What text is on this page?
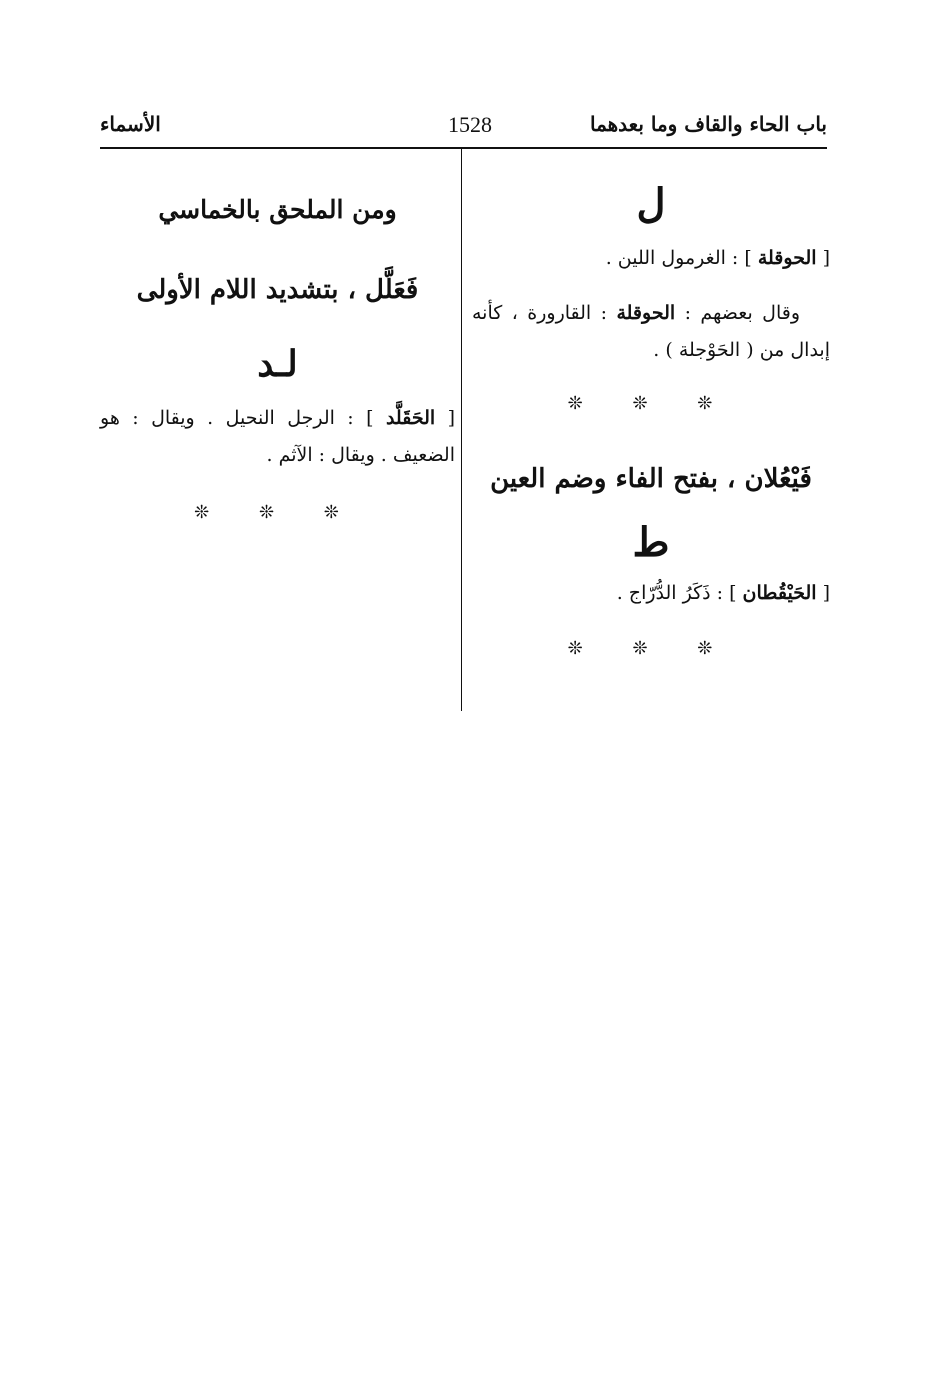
باب الحاء والقاف وما بعدهما
1528
الأسماء
ل
[ الحوقلة ] : الغرمول اللين .
وقال بعضهم : الحوقلة : القارورة ، كأنه إبدال من ( الحَوْجلة ) .
❊ ❊ ❊
فَيْعُلان ، بفتح الفاء وضم العين
ط
[ الحَيْقُطان ] : ذَكَرُ الدُّرّاج .
❊ ❊ ❊
ومن الملحق بالخماسي
فَعَلَّل ، بتشديد اللام الأولى
لـد
[ الحَقَلَّد ] : الرجل النحيل . ويقال : هو الضعيف . ويقال : الآثم .
❊ ❊ ❊
